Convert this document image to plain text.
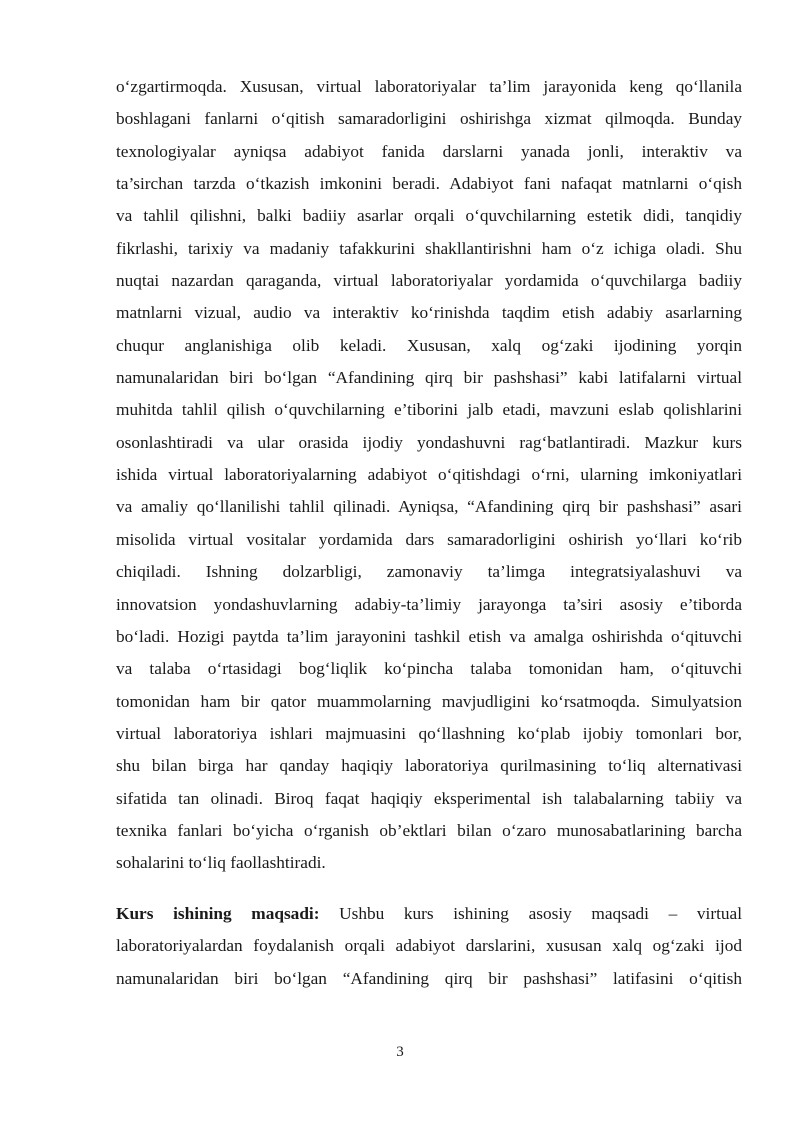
o‘zgartirmoqda. Xususan, virtual laboratoriyalar ta’lim jarayonida keng qo‘llanila
boshlagani fanlarni o‘qitish samaradorligini oshirishga xizmat qilmoqda. Bunday
texnologiyalar ayniqsa adabiyot fanida darslarni yanada jonli, interaktiv va
ta’sirchan tarzda o‘tkazish imkonini beradi. Adabiyot fani nafaqat matnlarni o‘qish
va tahlil qilishni, balki badiiy asarlar orqali o‘quvchilarning estetik didi, tanqidiy
fikrlashi, tarixiy va madaniy tafakkurini shakllantirishni ham o‘z ichiga oladi. Shu
nuqtai nazardan qaraganda, virtual laboratoriyalar yordamida o‘quvchilarga badiiy
matnlarni vizual, audio va interaktiv ko‘rinishda taqdim etish adabiy asarlarning
chuqur anglanishiga olib keladi. Xususan, xalq og‘zaki ijodining yorqin
namunalaridan biri bo‘lgan “Afandining qirq bir pashshasi” kabi latifalarni virtual
muhitda tahlil qilish o‘quvchilarning e’tiborini jalb etadi, mavzuni eslab qolishlarini
osonlashtiradi va ular orasida ijodiy yondashuvni rag‘batlantiradi. Mazkur kurs
ishida virtual laboratoriyalarning adabiyot o‘qitishdagi o‘rni, ularning imkoniyatlari
va amaliy qo‘llanilishi tahlil qilinadi. Ayniqsa, “Afandining qirq bir pashshasi” asari
misolida virtual vositalar yordamida dars samaradorligini oshirish yo‘llari ko‘rib
chiqiladi. Ishning dolzarbligi, zamonaviy ta’limga integratsiyalashuvi va
innovatsion yondashuvlarning adabiy-ta’limiy jarayonga ta’siri asosiy e’tiborda
bo‘ladi. Hozigi paytda ta’lim jarayonini tashkil etish va amalga oshirishda o‘qituvchi
va talaba o‘rtasidagi bog‘liqlik ko‘pincha talaba tomonidan ham, o‘qituvchi
tomonidan ham bir qator muammolarning mavjudligini ko‘rsatmoqda. Simulyatsion
virtual laboratoriya ishlari majmuasini qo‘llashning ko‘plab ijobiy tomonlari bor,
shu bilan birga har qanday haqiqiy laboratoriya qurilmasining to‘liq alternativasi
sifatida tan olinadi. Biroq faqat haqiqiy eksperimental ish talabalarning tabiiy va
texnika fanlari bo‘yicha o‘rganish ob’ektlari bilan o‘zaro munosabatlarining barcha
sohalarini to‘liq faollashtiradi.
Kurs ishining maqsadi: Ushbu kurs ishining asosiy maqsadi – virtual
laboratoriyalardan foydalanish orqali adabiyot darslarini, xususan xalq og‘zaki ijod
namunalaridan biri bo‘lgan “Afandining qirq bir pashshasi” latifasini o‘qitish
3
